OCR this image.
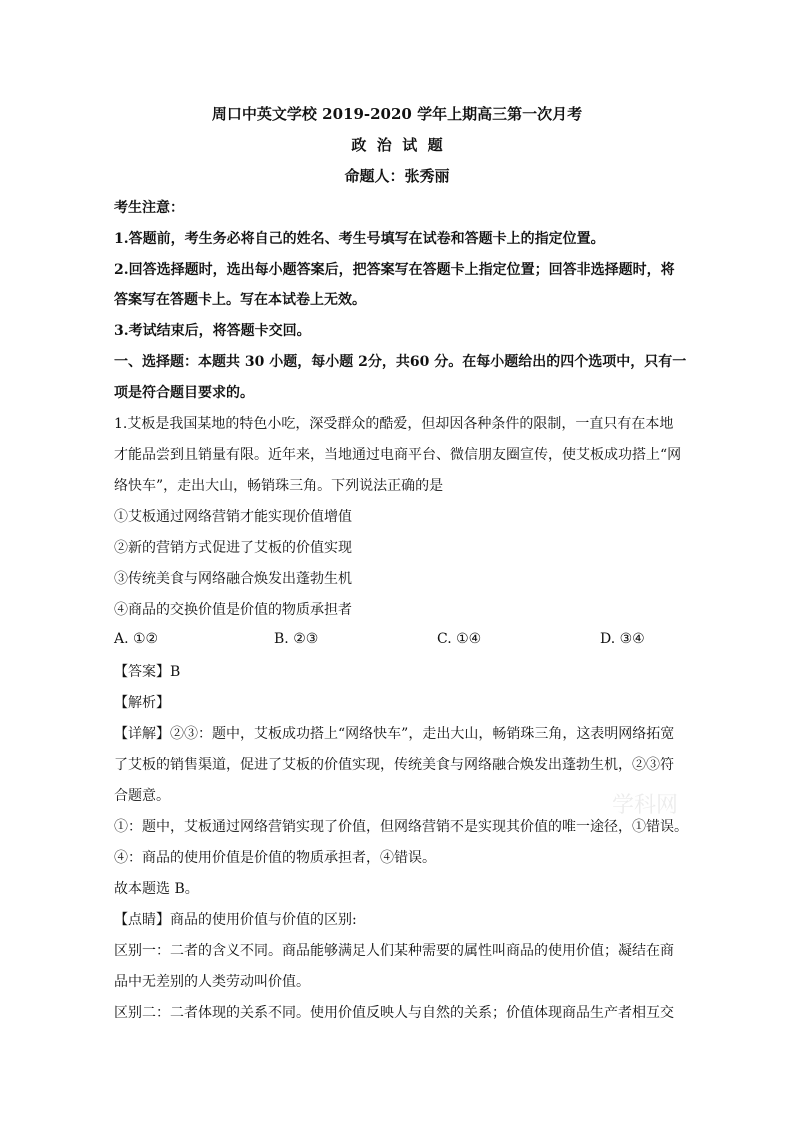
周口中英文学校 2019-2020 学年上期高三第一次月考
政  治  试  题
命题人：张秀丽
考生注意：
1.答题前，考生务必将自己的姓名、考生号填写在试卷和答题卡上的指定位置。
2.回答选择题时，选出每小题答案后，把答案写在答题卡上指定位置；回答非选择题时，将
答案写在答题卡上。写在本试卷上无效。
3.考试结束后，将答题卡交回。
一、选择题：本题共 30 小题，每小题 2分，共60 分。在每小题给出的四个选项中，只有一
项是符合题目要求的。
1.艾板是我国某地的特色小吃，深受群众的酷爱，但却因各种条件的限制，一直只有在本地
才能品尝到且销量有限。近年来，当地通过电商平台、微信朋友圈宣传，使艾板成功搭上“网
络快车”，走出大山，畅销珠三角。下列说法正确的是
①艾板通过网络营销才能实现价值增值
②新的营销方式促进了艾板的价值实现
③传统美食与网络融合焕发出蓬勃生机
④商品的交换价值是价值的物质承担者
A. ①②	B. ②③	C. ①④	D. ③④
【答案】B
【解析】
【详解】②③：题中，艾板成功搭上“网络快车”，走出大山，畅销珠三角，这表明网络拓宽
了艾板的销售渠道，促进了艾板的价值实现，传统美食与网络融合焕发出蓬勃生机，②③符
合题意。
①：题中，艾板通过网络营销实现了价值，但网络营销不是实现其价值的唯一途径，①错误。
④：商品的使用价值是价值的物质承担者，④错误。
故本题选 B。
【点睛】商品的使用价值与价值的区别:
区别一：二者的含义不同。商品能够满足人们某种需要的属性叫商品的使用价值；凝结在商
品中无差别的人类劳动叫价值。
区别二：二者体现的关系不同。使用价值反映人与自然的关系；价值体现商品生产者相互交
学科网
